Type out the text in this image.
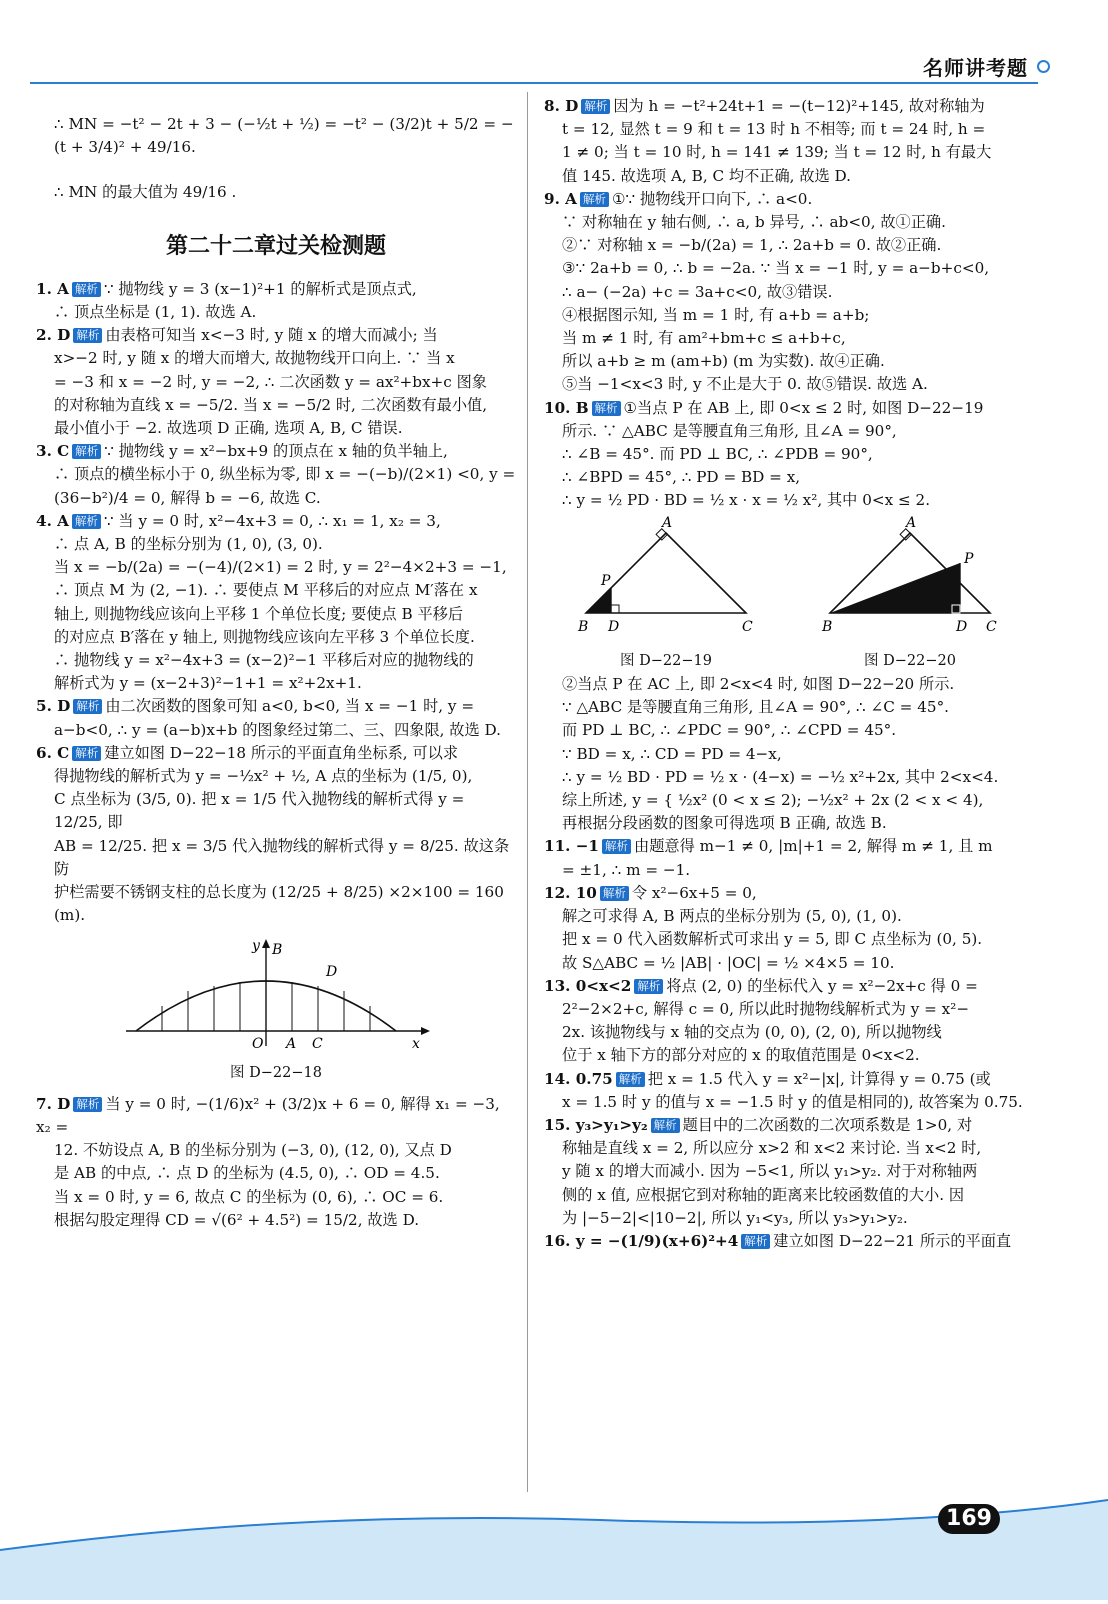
名师讲考题

∴ MN = −t² − 2t + 3 − (−½t + ½) = −t² − (3/2)t + 5/2 = −(t + 3/4)² + 49/16.

∴ MN 的最大值为 49/16 .

第二十二章过关检测题

1. A 解析 ∵ 抛物线 y = 3 (x−1)²+1 的解析式是顶点式,

∴ 顶点坐标是 (1, 1). 故选 A.

2. D 解析 由表格可知当 x<−3 时, y 随 x 的增大而减小; 当

x>−2 时, y 随 x 的增大而增大, 故抛物线开口向上. ∵ 当 x

= −3 和 x = −2 时, y = −2, ∴ 二次函数 y = ax²+bx+c 图象

的对称轴为直线 x = −5/2. 当 x = −5/2 时, 二次函数有最小值,

最小值小于 −2. 故选项 D 正确, 选项 A, B, C 错误.

3. C 解析 ∵ 抛物线 y = x²−bx+9 的顶点在 x 轴的负半轴上,

∴ 顶点的横坐标小于 0, 纵坐标为零, 即 x = −(−b)/(2×1) <0, y =

(36−b²)/4 = 0, 解得 b = −6, 故选 C.

4. A 解析 ∵ 当 y = 0 时, x²−4x+3 = 0, ∴ x₁ = 1, x₂ = 3,

∴ 点 A, B 的坐标分别为 (1, 0), (3, 0).

当 x = −b/(2a) = −(−4)/(2×1) = 2 时, y = 2²−4×2+3 = −1,

∴ 顶点 M 为 (2, −1). ∴ 要使点 M 平移后的对应点 M′落在 x

轴上, 则抛物线应该向上平移 1 个单位长度; 要使点 B 平移后

的对应点 B′落在 y 轴上, 则抛物线应该向左平移 3 个单位长度.

∴ 抛物线 y = x²−4x+3 = (x−2)²−1 平移后对应的抛物线的

解析式为 y = (x−2+3)²−1+1 = x²+2x+1.

5. D 解析 由二次函数的图象可知 a<0, b<0, 当 x = −1 时, y =

a−b<0, ∴ y = (a−b)x+b 的图象经过第二、三、四象限, 故选 D.

6. C 解析 建立如图 D−22−18 所示的平面直角坐标系, 可以求

得抛物线的解析式为 y = −½x² + ½, A 点的坐标为 (1/5, 0),

C 点坐标为 (3/5, 0). 把 x = 1/5 代入抛物线的解析式得 y = 12/25, 即

AB = 12/25. 把 x = 3/5 代入抛物线的解析式得 y = 8/25. 故这条防

护栏需要不锈钢支柱的总长度为 (12/25 + 8/25) ×2×100 = 160 (m).

y B
D
O A C	x
图 D−22−18

7. D 解析 当 y = 0 时, −(1/6)x² + (3/2)x + 6 = 0, 解得 x₁ = −3, x₂ =

12. 不妨设点 A, B 的坐标分别为 (−3, 0), (12, 0), 又点 D

是 AB 的中点, ∴ 点 D 的坐标为 (4.5, 0), ∴ OD = 4.5.

当 x = 0 时, y = 6, 故点 C 的坐标为 (0, 6), ∴ OC = 6.

根据勾股定理得 CD = √(6² + 4.5²) = 15/2, 故选 D.

8. D 解析 因为 h = −t²+24t+1 = −(t−12)²+145, 故对称轴为

t = 12, 显然 t = 9 和 t = 13 时 h 不相等; 而 t = 24 时, h =

1 ≠ 0; 当 t = 10 时, h = 141 ≠ 139; 当 t = 12 时, h 有最大

值 145. 故选项 A, B, C 均不正确, 故选 D.

9. A 解析 ①∵ 抛物线开口向下, ∴ a<0.

∵ 对称轴在 y 轴右侧, ∴ a, b 异号, ∴ ab<0, 故①正确.

②∵ 对称轴 x = −b/(2a) = 1, ∴ 2a+b = 0. 故②正确.

③∵ 2a+b = 0, ∴ b = −2a. ∵ 当 x = −1 时, y = a−b+c<0,

∴ a− (−2a) +c = 3a+c<0, 故③错误.

④根据图示知, 当 m = 1 时, 有 a+b = a+b;

当 m ≠ 1 时, 有 am²+bm+c ≤ a+b+c,

所以 a+b ≥ m (am+b) (m 为实数). 故④正确.

⑤当 −1<x<3 时, y 不止是大于 0. 故⑤错误. 故选 A.

10. B 解析 ①当点 P 在 AB 上, 即 0<x ≤ 2 时, 如图 D−22−19

所示. ∵ △ABC 是等腰直角三角形, 且∠A = 90°,

∴ ∠B = 45°. 而 PD ⊥ BC, ∴ ∠PDB = 90°,

∴ ∠BPD = 45°, ∴ PD = BD = x,

∴ y = ½ PD · BD = ½ x · x = ½ x², 其中 0<x ≤ 2.

A
P
B D	C
图 D−22−19
A
P
B	D C
图 D−22−20

②当点 P 在 AC 上, 即 2<x<4 时, 如图 D−22−20 所示.

∵ △ABC 是等腰直角三角形, 且∠A = 90°, ∴ ∠C = 45°.

而 PD ⊥ BC, ∴ ∠PDC = 90°, ∴ ∠CPD = 45°.

∵ BD = x, ∴ CD = PD = 4−x,

∴ y = ½ BD · PD = ½ x · (4−x) = −½ x²+2x, 其中 2<x<4.

综上所述, y = { ½x² (0 < x ≤ 2); −½x² + 2x (2 < x < 4),

再根据分段函数的图象可得选项 B 正确, 故选 B.

11. −1 解析 由题意得 m−1 ≠ 0, |m|+1 = 2, 解得 m ≠ 1, 且 m

= ±1, ∴ m = −1.

12. 10 解析 令 x²−6x+5 = 0,

解之可求得 A, B 两点的坐标分别为 (5, 0), (1, 0).

把 x = 0 代入函数解析式可求出 y = 5, 即 C 点坐标为 (0, 5).

故 S△ABC = ½ |AB| · |OC| = ½ ×4×5 = 10.

13. 0<x<2 解析 将点 (2, 0) 的坐标代入 y = x²−2x+c 得 0 =

2²−2×2+c, 解得 c = 0, 所以此时抛物线解析式为 y = x²−

2x. 该抛物线与 x 轴的交点为 (0, 0), (2, 0), 所以抛物线

位于 x 轴下方的部分对应的 x 的取值范围是 0<x<2.

14. 0.75 解析 把 x = 1.5 代入 y = x²−|x|, 计算得 y = 0.75 (或

x = 1.5 时 y 的值与 x = −1.5 时 y 的值是相同的), 故答案为 0.75.

15. y₃>y₁>y₂ 解析 题目中的二次函数的二次项系数是 1>0, 对

称轴是直线 x = 2, 所以应分 x>2 和 x<2 来讨论. 当 x<2 时,

y 随 x 的增大而减小. 因为 −5<1, 所以 y₁>y₂. 对于对称轴两

侧的 x 值, 应根据它到对称轴的距离来比较函数值的大小. 因

为 |−5−2|<|10−2|, 所以 y₁<y₃, 所以 y₃>y₁>y₂.

16. y = −(1/9)(x+6)²+4 解析 建立如图 D−22−21 所示的平面直

169
